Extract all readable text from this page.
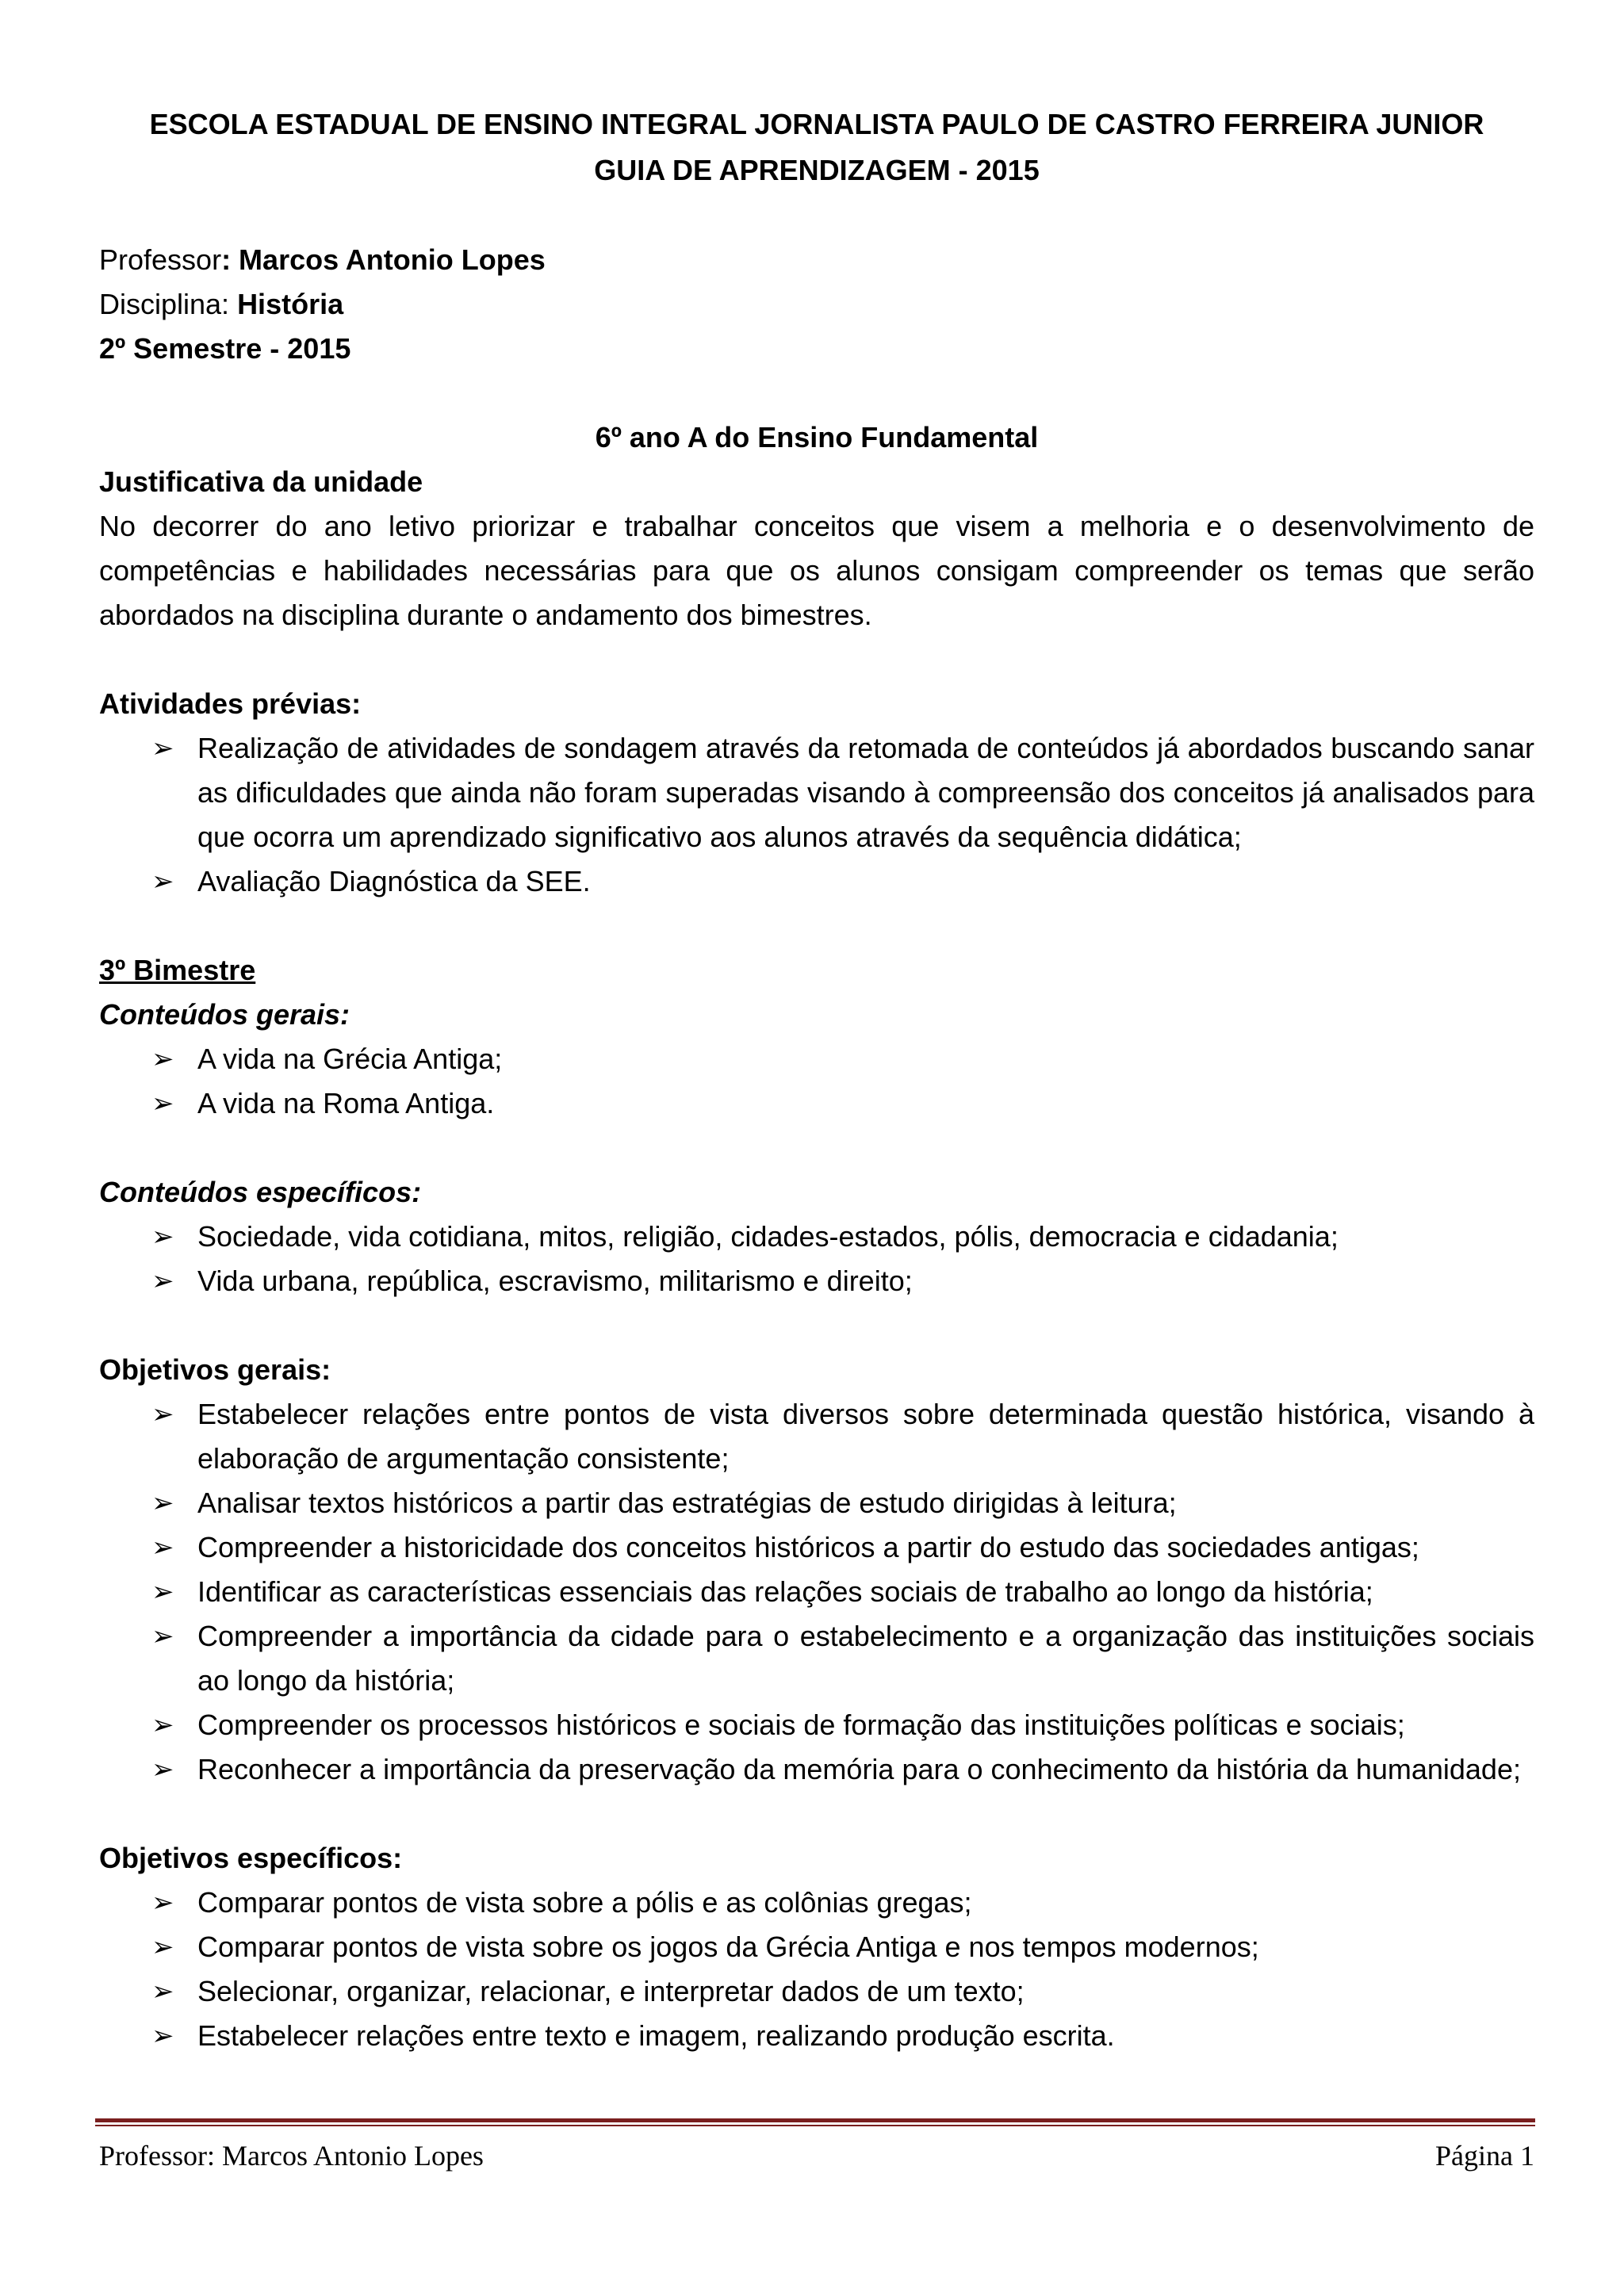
ESCOLA ESTADUAL DE ENSINO INTEGRAL JORNALISTA PAULO DE CASTRO FERREIRA JUNIOR
GUIA DE APRENDIZAGEM - 2015
Professor: Marcos Antonio Lopes
Disciplina: História
2º Semestre - 2015
6º ano A do Ensino Fundamental
Justificativa da unidade
No decorrer do ano letivo priorizar e trabalhar conceitos que visem a melhoria e o desenvolvimento de competências e habilidades necessárias para que os alunos consigam compreender os temas que serão abordados na disciplina durante o andamento dos bimestres.
Atividades prévias:
➢ Realização de atividades de sondagem através da retomada de conteúdos já abordados buscando sanar as dificuldades que ainda não foram superadas visando à compreensão dos conceitos já analisados para que ocorra um aprendizado significativo aos alunos através da sequência didática;
➢ Avaliação Diagnóstica da SEE.
3º Bimestre
Conteúdos gerais:
➢ A vida na Grécia Antiga;
➢ A vida na Roma Antiga.
Conteúdos específicos:
➢ Sociedade, vida cotidiana, mitos, religião, cidades-estados, pólis, democracia e cidadania;
➢ Vida urbana, república, escravismo, militarismo e direito;
Objetivos gerais:
➢ Estabelecer relações entre pontos de vista diversos sobre determinada questão histórica, visando à elaboração de argumentação consistente;
➢ Analisar textos históricos a partir das estratégias de estudo dirigidas à leitura;
➢ Compreender a historicidade dos conceitos históricos a partir do estudo das sociedades antigas;
➢ Identificar as características essenciais das relações sociais de trabalho ao longo da história;
➢ Compreender a importância da cidade para o estabelecimento e a organização das instituições sociais ao longo da história;
➢ Compreender os processos históricos e sociais de formação das instituições políticas e sociais;
➢ Reconhecer a importância da preservação da memória para o conhecimento da história da humanidade;
Objetivos específicos:
➢ Comparar pontos de vista sobre a pólis e as colônias gregas;
➢ Comparar pontos de vista sobre os jogos da Grécia Antiga e nos tempos modernos;
➢ Selecionar, organizar, relacionar, e interpretar dados de um texto;
➢ Estabelecer relações entre texto e imagem, realizando produção escrita.
Professor: Marcos Antonio Lopes	Página 1
